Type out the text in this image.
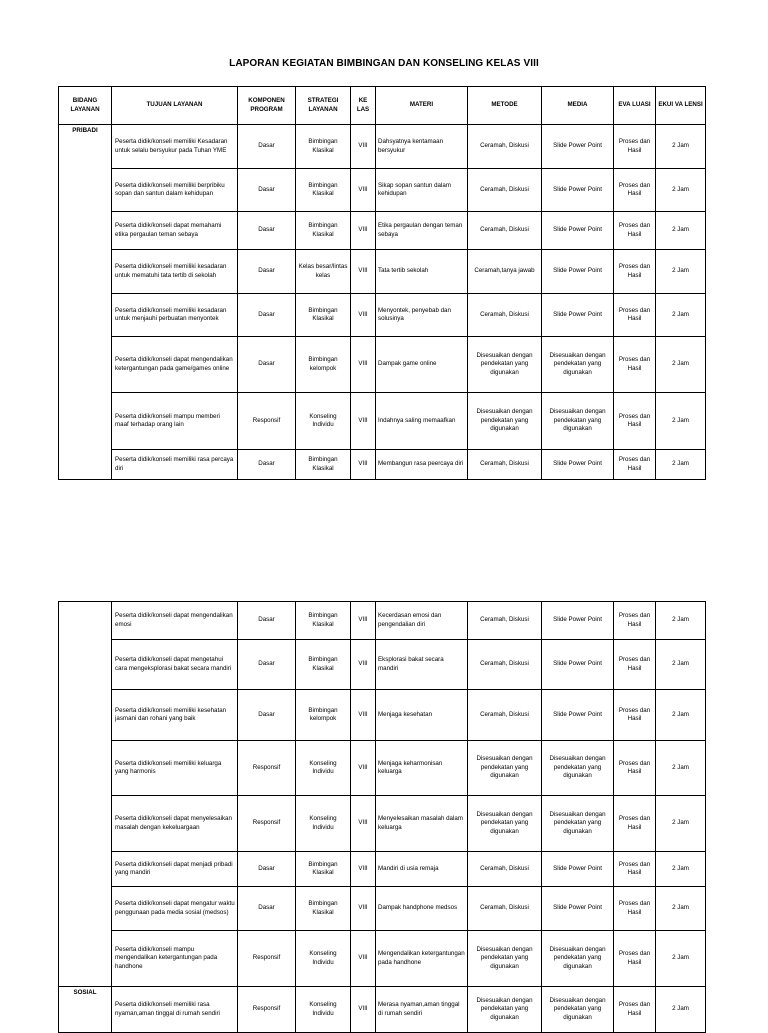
LAPORAN KEGIATAN BIMBINGAN DAN KONSELING KELAS VIII
BIDANG LAYANAN	TUJUAN LAYANAN	KOMPONEN PROGRAM	STRATEGI LAYANAN	KE LAS	MATERI	METODE	MEDIA	EVA LUASI	EKUI VA LENSI
PRIBADI	Peserta didik/konseli memiliki Kesadaran untuk selalu bersyukur pada Tuhan YME	Dasar	Bimbingan Klasikal	VIII	Dahsyatnya kentamaan bersyukur	Ceramah, Diskusi	Slide Power Point	Proses dan Hasil	2 Jam
	Peserta didik/konseli memiliki berpribiku sopan dan santun dalam kehidupan	Dasar	Bimbingan Klasikal	VIII	Sikap sopan santun dalam kehidupan	Ceramah, Diskusi	Slide Power Point	Proses dan Hasil	2 Jam
	Peserta didik/konseli dapat memahami etika pergaulan teman sebaya	Dasar	Bimbingan Klasikal	VIII	Etika pergaulan dengan teman sebaya	Ceramah, Diskusi	Slide Power Point	Proses dan Hasil	2 Jam
	Peserta didik/konseli memiliki kesadaran untuk mematuhi tata tertib di sekolah	Dasar	Kelas besar/lintas kelas	VIII	Tata tertib sekolah	Ceramah,tanya jawab	Slide Power Point	Proses dan Hasil	2 Jam
	Peserta didik/konseli memiliki kesadaran untuk menjauhi perbuatan menyontek	Dasar	Bimbingan Klasikal	VIII	Menyontek, penyebab dan solusinya	Ceramah, Diskusi	Slide Power Point	Proses dan Hasil	2 Jam
	Peserta didik/konseli dapat mengendalikan ketergantungan pada game/games online	Dasar	Bimbingan kelompok	VIII	Dampak game online	Disesuaikan dengan pendekatan yang digunakan	Disesuaikan dengan pendekatan yang digunakan	Proses dan Hasil	2 Jam
	Peserta didik/konseli mampu memberi maaf terhadap orang lain	Responsif	Konseling Individu	VIII	Indahnya saling memaafkan	Disesuaikan dengan pendekatan yang digunakan	Disesuaikan dengan pendekatan yang digunakan	Proses dan Hasil	2 Jam
	Peserta didik/konseli memiliki rasa percaya diri	Dasar	Bimbingan Klasikal	VIII	Membangun rasa peercaya diri	Ceramah, Diskusi	Slide Power Point	Proses dan Hasil	2 Jam
	Peserta didik/konseli dapat mengendalikan emosi	Dasar	Bimbingan Klasikal	VIII	Kecerdasan emosi dan pengendalian diri	Ceramah, Diskusi	Slide Power Point	Proses dan Hasil	2 Jam
	Peserta didik/konseli dapat mengetahui cara mengeksplorasi bakat secara mandiri	Dasar	Bimbingan Klasikal	VIII	Eksplorasi bakat secara mandiri	Ceramah, Diskusi	Slide Power Point	Proses dan Hasil	2 Jam
	Peserta didik/konseli memiliki kesehatan jasmani dan rohani yang baik	Dasar	Bimbingan kelompok	VIII	Menjaga kesehatan	Ceramah, Diskusi	Slide Power Point	Proses dan Hasil	2 Jam
	Peserta didik/konseli memiliki keluarga yang harmonis	Responsif	Konseling Individu	VIII	Menjaga keharmonisan keluarga	Disesuaikan dengan pendekatan yang digunakan	Disesuaikan dengan pendekatan yang digunakan	Proses dan Hasil	2 Jam
	Peserta didik/konseli dapat menyelesaikan masalah dengan kekeluargaan	Responsif	Konseling Individu	VIII	Menyelesaikan masalah dalam keluarga	Disesuaikan dengan pendekatan yang digunakan	Disesuaikan dengan pendekatan yang digunakan	Proses dan Hasil	2 Jam
	Peserta didik/konseli dapat menjadi pribadi yang mandiri	Dasar	Bimbingan Klasikal	VIII	Mandiri di usia remaja	Ceramah, Diskusi	Slide Power Point	Proses dan Hasil	2 Jam
	Peserta didik/konseli dapat mengatur waktu penggunaan pada media sosial (medsos)	Dasar	Bimbingan Klasikal	VIII	Dampak handphone medsos	Ceramah, Diskusi	Slide Power Point	Proses dan Hasil	2 Jam
	Peserta didik/konseli mampu mengendalikan ketergantungan pada handhone	Responsif	Konseling Individu	VIII	Mengendalikan ketergantungan pada handhone	Disesuaikan dengan pendekatan yang digunakan	Disesuaikan dengan pendekatan yang digunakan	Proses dan Hasil	2 Jam
SOSIAL	Peserta didik/konseli memiliki rasa nyaman,aman tinggal di rumah sendiri	Responsif	Konseling Individu	VIII	Merasa nyaman,aman tinggal di rumah sendiri	Disesuaikan dengan pendekatan yang digunakan	Disesuaikan dengan pendekatan yang digunakan	Proses dan Hasil	2 Jam
